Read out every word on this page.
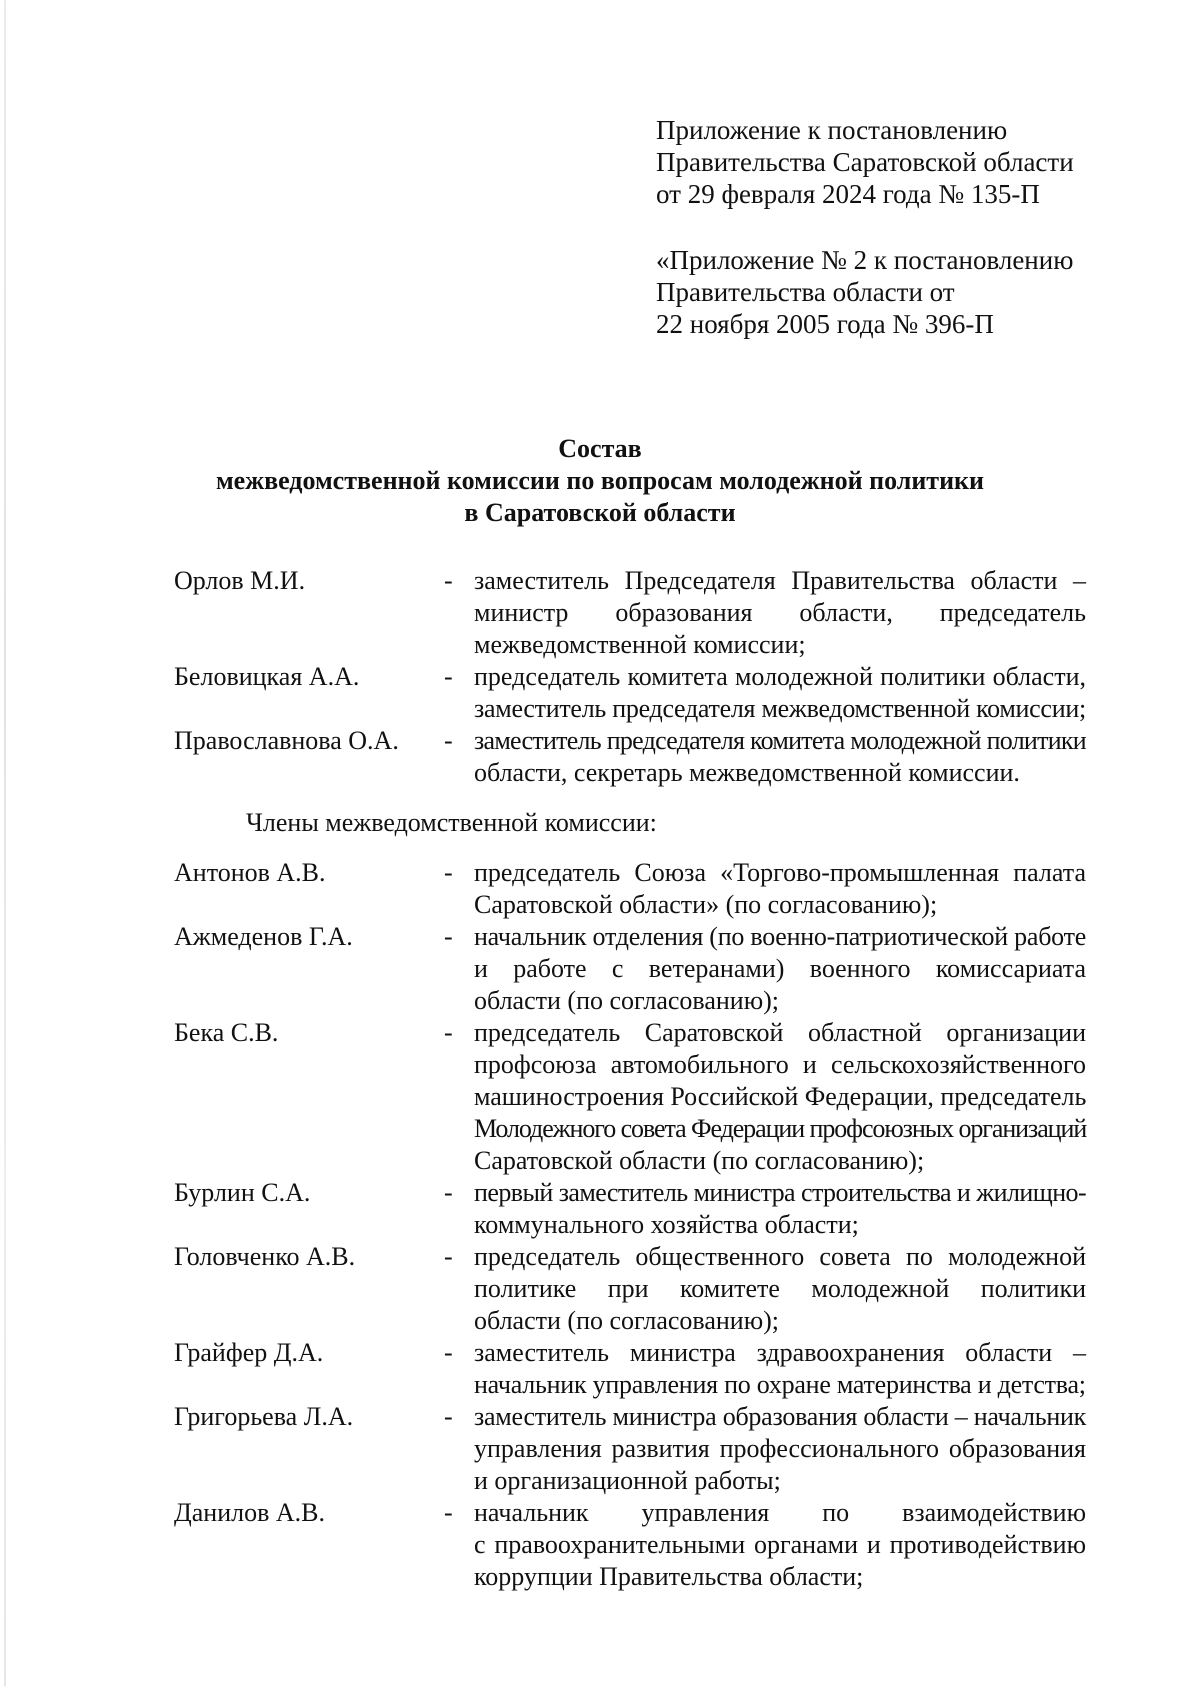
Приложение к постановлению
Правительства Саратовской области
от 29 февраля 2024 года № 135-П
«Приложение № 2 к постановлению
Правительства области от
22 ноября 2005 года № 396-П
Состав
межведомственной комиссии по вопросам молодежной политики
в Саратовской области
Орлов М.И.	- заместитель Председателя Правительства области –
министр образования области, председатель
межведомственной комиссии;
Беловицкая А.А.	- председатель комитета молодежной политики области,
заместитель председателя межведомственной комиссии;
Православнова О.А. - заместитель председателя комитета молодежной политики
области, секретарь межведомственной комиссии.
Члены межведомственной комиссии:
Антонов А.В.	- председатель Союза «Торгово-промышленная палата
Саратовской области» (по согласованию);
Ажмеденов Г.А.	- начальник отделения (по военно-патриотической работе
и работе с ветеранами) военного комиссариата
области (по согласованию);
Бека С.В.	- председатель Саратовской областной организации
профсоюза автомобильного и сельскохозяйственного
машиностроения Российской Федерации, председатель
Молодежного совета Федерации профсоюзных организаций
Саратовской области (по согласованию);
Бурлин С.А.	- первый заместитель министра строительства и жилищно-
коммунального хозяйства области;
Головченко А.В.	- председатель общественного совета по молодежной
политике при комитете молодежной политики
области (по согласованию);
Грайфер Д.А.	- заместитель министра здравоохранения области –
начальник управления по охране материнства и детства;
Григорьева Л.А.	- заместитель министра образования области – начальник
управления развития профессионального образования
и организационной работы;
Данилов А.В.	- начальник управления по взаимодействию
с правоохранительными органами и противодействию
коррупции Правительства области;
